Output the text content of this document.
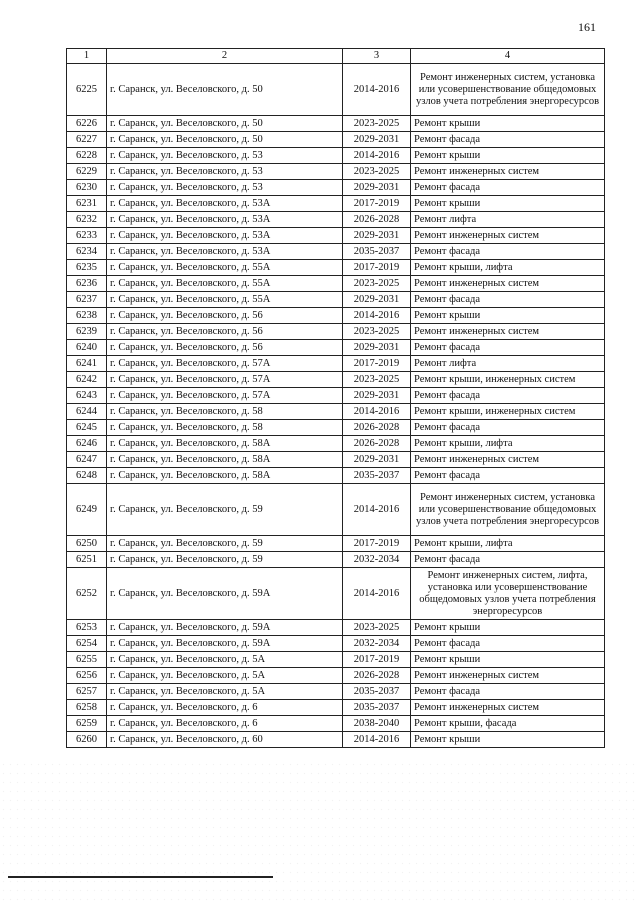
161
1	2	3	4
6225	г. Саранск, ул. Веселовского, д. 50	2014-2016	Ремонт инженерных систем, установка или усовершенствование общедомовых узлов учета потребления энергоресурсов
6226	г. Саранск, ул. Веселовского, д. 50	2023-2025	Ремонт крыши
6227	г. Саранск, ул. Веселовского, д. 50	2029-2031	Ремонт фасада
6228	г. Саранск, ул. Веселовского, д. 53	2014-2016	Ремонт крыши
6229	г. Саранск, ул. Веселовского, д. 53	2023-2025	Ремонт инженерных систем
6230	г. Саранск, ул. Веселовского, д. 53	2029-2031	Ремонт фасада
6231	г. Саранск, ул. Веселовского, д. 53А	2017-2019	Ремонт крыши
6232	г. Саранск, ул. Веселовского, д. 53А	2026-2028	Ремонт лифта
6233	г. Саранск, ул. Веселовского, д. 53А	2029-2031	Ремонт инженерных систем
6234	г. Саранск, ул. Веселовского, д. 53А	2035-2037	Ремонт фасада
6235	г. Саранск, ул. Веселовского, д. 55А	2017-2019	Ремонт крыши, лифта
6236	г. Саранск, ул. Веселовского, д. 55А	2023-2025	Ремонт инженерных систем
6237	г. Саранск, ул. Веселовского, д. 55А	2029-2031	Ремонт фасада
6238	г. Саранск, ул. Веселовского, д. 56	2014-2016	Ремонт крыши
6239	г. Саранск, ул. Веселовского, д. 56	2023-2025	Ремонт инженерных систем
6240	г. Саранск, ул. Веселовского, д. 56	2029-2031	Ремонт фасада
6241	г. Саранск, ул. Веселовского, д. 57А	2017-2019	Ремонт лифта
6242	г. Саранск, ул. Веселовского, д. 57А	2023-2025	Ремонт крыши, инженерных систем
6243	г. Саранск, ул. Веселовского, д. 57А	2029-2031	Ремонт фасада
6244	г. Саранск, ул. Веселовского, д. 58	2014-2016	Ремонт крыши, инженерных систем
6245	г. Саранск, ул. Веселовского, д. 58	2026-2028	Ремонт фасада
6246	г. Саранск, ул. Веселовского, д. 58А	2026-2028	Ремонт крыши, лифта
6247	г. Саранск, ул. Веселовского, д. 58А	2029-2031	Ремонт инженерных систем
6248	г. Саранск, ул. Веселовского, д. 58А	2035-2037	Ремонт фасада
6249	г. Саранск, ул. Веселовского, д. 59	2014-2016	Ремонт инженерных систем, установка или усовершенствование общедомовых узлов учета потребления энергоресурсов
6250	г. Саранск, ул. Веселовского, д. 59	2017-2019	Ремонт крыши, лифта
6251	г. Саранск, ул. Веселовского, д. 59	2032-2034	Ремонт фасада
6252	г. Саранск, ул. Веселовского, д. 59А	2014-2016	Ремонт инженерных систем, лифта, установка или усовершенствование общедомовых узлов учета потребления энергоресурсов
6253	г. Саранск, ул. Веселовского, д. 59А	2023-2025	Ремонт крыши
6254	г. Саранск, ул. Веселовского, д. 59А	2032-2034	Ремонт фасада
6255	г. Саранск, ул. Веселовского, д. 5А	2017-2019	Ремонт крыши
6256	г. Саранск, ул. Веселовского, д. 5А	2026-2028	Ремонт инженерных систем
6257	г. Саранск, ул. Веселовского, д. 5А	2035-2037	Ремонт фасада
6258	г. Саранск, ул. Веселовского, д. 6	2035-2037	Ремонт инженерных систем
6259	г. Саранск, ул. Веселовского, д. 6	2038-2040	Ремонт крыши, фасада
6260	г. Саранск, ул. Веселовского, д. 60	2014-2016	Ремонт крыши
